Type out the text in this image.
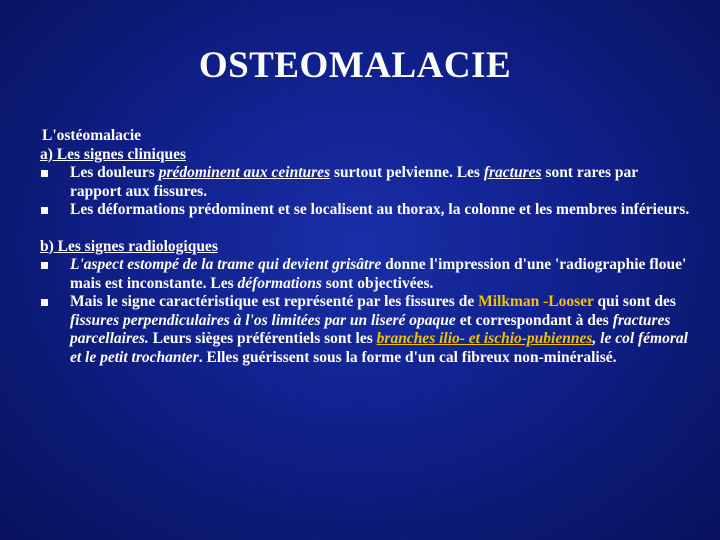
OSTEOMALACIE
L'ostéomalacie
a) Les signes cliniques
Les douleurs prédominent aux ceintures surtout pelvienne. Les fractures sont rares par rapport aux fissures.
Les déformations prédominent et se localisent au thorax, la colonne et les membres inférieurs.
b) Les signes radiologiques
L'aspect estompé de la trame qui devient grisâtre donne l'impression d'une 'radiographie floue' mais est inconstante. Les déformations sont objectivées.
Mais le signe caractéristique est représenté par les fissures de Milkman -Looser qui sont des fissures perpendiculaires à l'os limitées par un liseré opaque et correspondant à des fractures parcellaires. Leurs sièges préférentiels sont les branches ilio- et ischio-pubiennes, le col fémoral et le petit trochanter. Elles guérissent sous la forme d'un cal fibreux non-minéralisé.
